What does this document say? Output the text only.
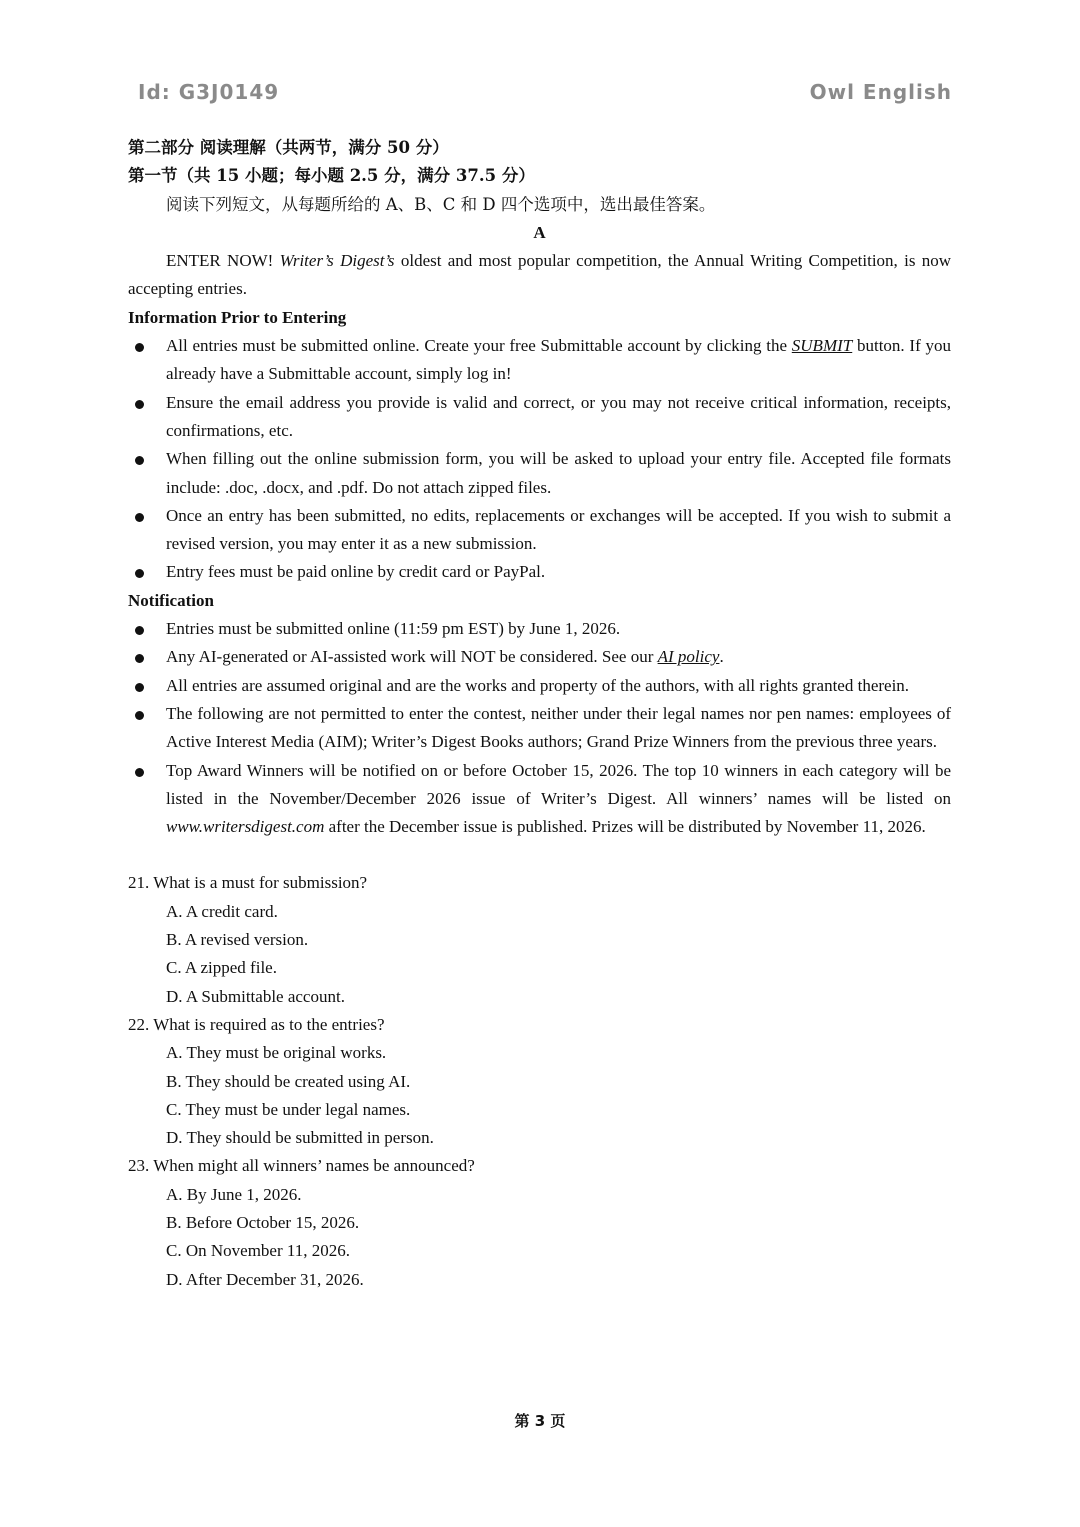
Id: G3J0149	Owl English

第二部分 阅读理解（共两节，满分 50 分）

第一节（共 15 小题；每小题 2.5 分，满分 37.5 分）

阅读下列短文，从每题所给的 A、B、C 和 D 四个选项中，选出最佳答案。

A

ENTER NOW! Writer’s Digest’s oldest and most popular competition, the Annual Writing Competition, is now accepting entries.

Information Prior to Entering

All entries must be submitted online. Create your free Submittable account by clicking the SUBMIT button. If you already have a Submittable account, simply log in!
Ensure the email address you provide is valid and correct, or you may not receive critical information, receipts, confirmations, etc.
When filling out the online submission form, you will be asked to upload your entry file. Accepted file formats include: .doc, .docx, and .pdf. Do not attach zipped files.
Once an entry has been submitted, no edits, replacements or exchanges will be accepted. If you wish to submit a revised version, you may enter it as a new submission.
Entry fees must be paid online by credit card or PayPal.

Notification

Entries must be submitted online (11:59 pm EST) by June 1, 2026.
Any AI-generated or AI-assisted work will NOT be considered. See our AI policy.
All entries are assumed original and are the works and property of the authors, with all rights granted therein.
The following are not permitted to enter the contest, neither under their legal names nor pen names: employees of Active Interest Media (AIM); Writer’s Digest Books authors; Grand Prize Winners from the previous three years.
Top Award Winners will be notified on or before October 15, 2026. The top 10 winners in each category will be listed in the November/December 2026 issue of Writer’s Digest. All winners’ names will be listed on www.writersdigest.com after the December issue is published. Prizes will be distributed by November 11, 2026.

21. What is a must for submission?

A. A credit card.

B. A revised version.

C. A zipped file.

D. A Submittable account.

22. What is required as to the entries?

A. They must be original works.

B. They should be created using AI.

C. They must be under legal names.

D. They should be submitted in person.

23. When might all winners’ names be announced?

A. By June 1, 2026.

B. Before October 15, 2026.

C. On November 11, 2026.

D. After December 31, 2026.

第 3 页
